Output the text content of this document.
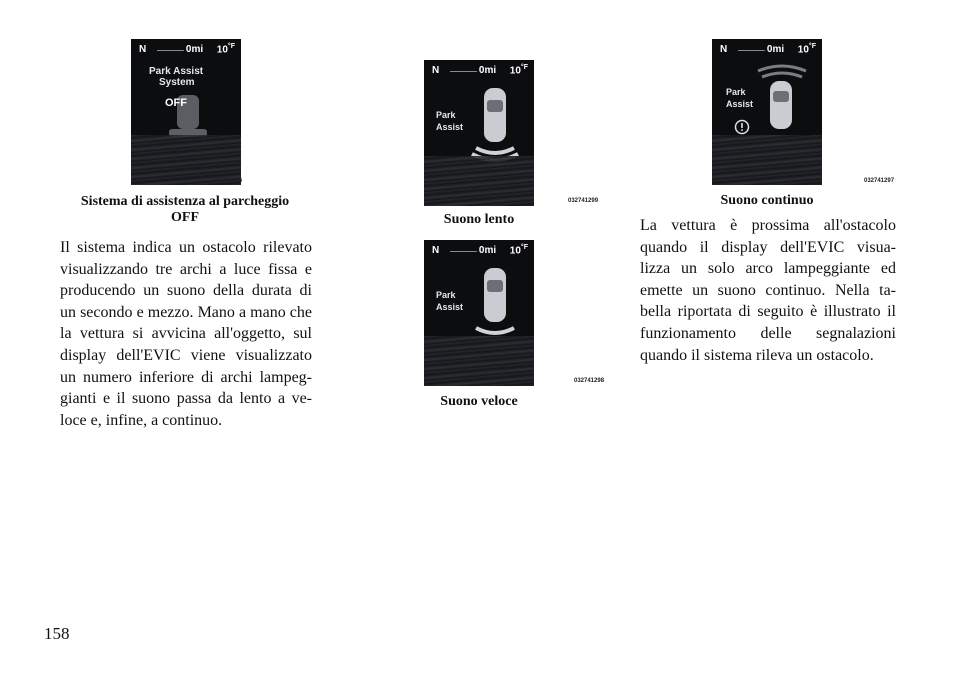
N	0mi $10^{^\circ F}$
Park Assist
System
OFF
032741296
Sistema di assistenza al parcheggio
OFF
N	0mi $10^{^\circ F}$
Park
Assist
032741299
Suono lento
N	0mi $10^{^\circ F}$
Park
Assist
032741298
Suono veloce
N	0mi $10^{^\circ F}$
Park
Assist
032741297
Suono continuo
Il sistema indica un ostacolo rilevato
visualizzando tre archi a luce fissa e
producendo un suono della durata di
un secondo e mezzo. Mano a mano che
la vettura si avvicina all'oggetto, sul
display dell'EVIC viene visualizzato
un numero inferiore di archi lampeg-
gianti e il suono passa da lento a ve-
loce e, infine, a continuo.
La vettura è prossima all'ostacolo
quando il display dell'EVIC visua-
lizza un solo arco lampeggiante ed
emette un suono continuo. Nella ta-
bella riportata di seguito è illustrato il
funzionamento delle segnalazioni
quando il sistema rileva un ostacolo.
158
